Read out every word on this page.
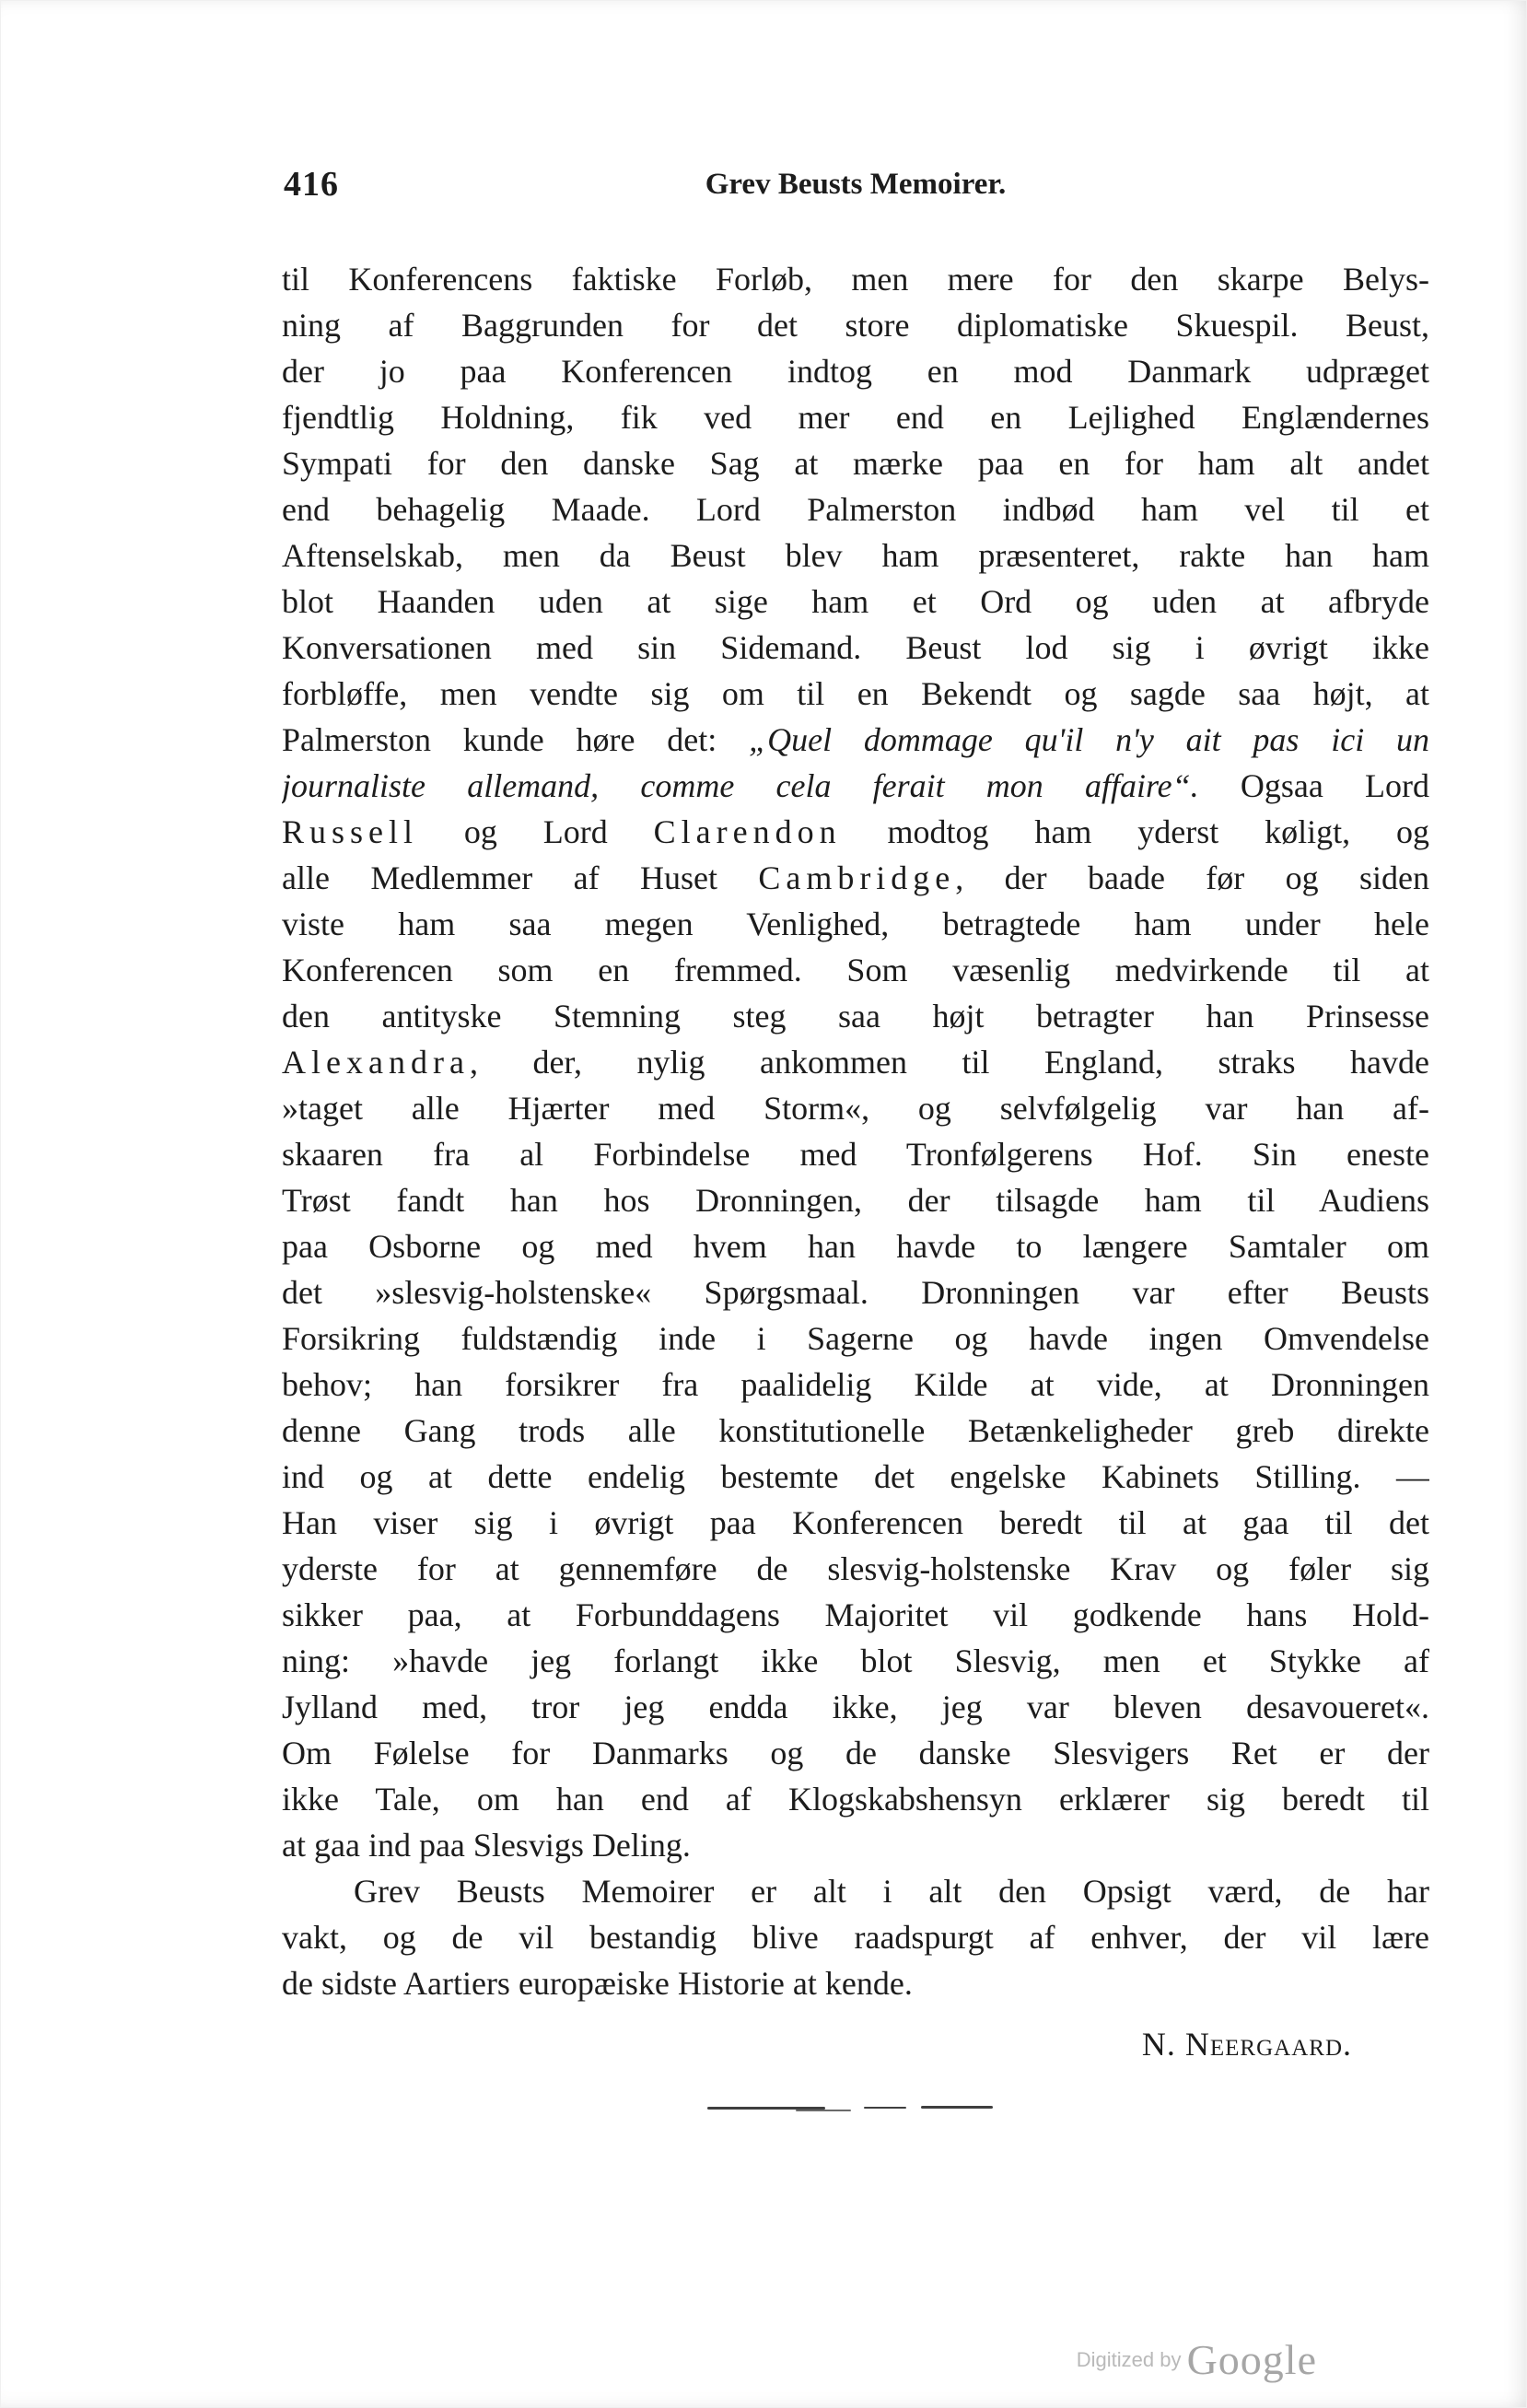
416	Grev Beusts Memoirer.
til Konferencens faktiske Forløb, men mere for den skarpe Belys-
ning af Baggrunden for det store diplomatiske Skuespil. Beust,
der jo paa Konferencen indtog en mod Danmark udpræget
fjendtlig Holdning, fik ved mer end en Lejlighed Englændernes
Sympati for den danske Sag at mærke paa en for ham alt andet
end behagelig Maade. Lord Palmerston indbød ham vel til et
Aftenselskab, men da Beust blev ham præsenteret, rakte han ham
blot Haanden uden at sige ham et Ord og uden at afbryde
Konversationen med sin Sidemand. Beust lod sig i øvrigt ikke
forbløffe, men vendte sig om til en Bekendt og sagde saa højt, at
Palmerston kunde høre det: „Quel dommage qu'il n'y ait pas ici un
journaliste allemand, comme cela ferait mon affaire“. Ogsaa Lord
Russell og Lord Clarendon modtog ham yderst køligt, og
alle Medlemmer af Huset Cambridge, der baade før og siden
viste ham saa megen Venlighed, betragtede ham under hele
Konferencen som en fremmed. Som væsenlig medvirkende til at
den antityske Stemning steg saa højt betragter han Prinsesse
Alexandra, der, nylig ankommen til England, straks havde
»taget alle Hjærter med Storm«, og selvfølgelig var han af-
skaaren fra al Forbindelse med Tronfølgerens Hof. Sin eneste
Trøst fandt han hos Dronningen, der tilsagde ham til Audiens
paa Osborne og med hvem han havde to længere Samtaler om
det »slesvig-holstenske« Spørgsmaal. Dronningen var efter Beusts
Forsikring fuldstændig inde i Sagerne og havde ingen Omvendelse
behov; han forsikrer fra paalidelig Kilde at vide, at Dronningen
denne Gang trods alle konstitutionelle Betænkeligheder greb direkte
ind og at dette endelig bestemte det engelske Kabinets Stilling. —
Han viser sig i øvrigt paa Konferencen beredt til at gaa til det
yderste for at gennemføre de slesvig-holstenske Krav og føler sig
sikker paa, at Forbunddagens Majoritet vil godkende hans Hold-
ning: »havde jeg forlangt ikke blot Slesvig, men et Stykke af
Jylland med, tror jeg endda ikke, jeg var bleven desavoueret«.
Om Følelse for Danmarks og de danske Slesvigers Ret er der
ikke Tale, om han end af Klogskabshensyn erklærer sig beredt til
at gaa ind paa Slesvigs Deling.
Grev Beusts Memoirer er alt i alt den Opsigt værd, de har
vakt, og de vil bestandig blive raadspurgt af enhver, der vil lære
de sidste Aartiers europæiske Historie at kende.
N. Neergaard.
Digitized by Google
